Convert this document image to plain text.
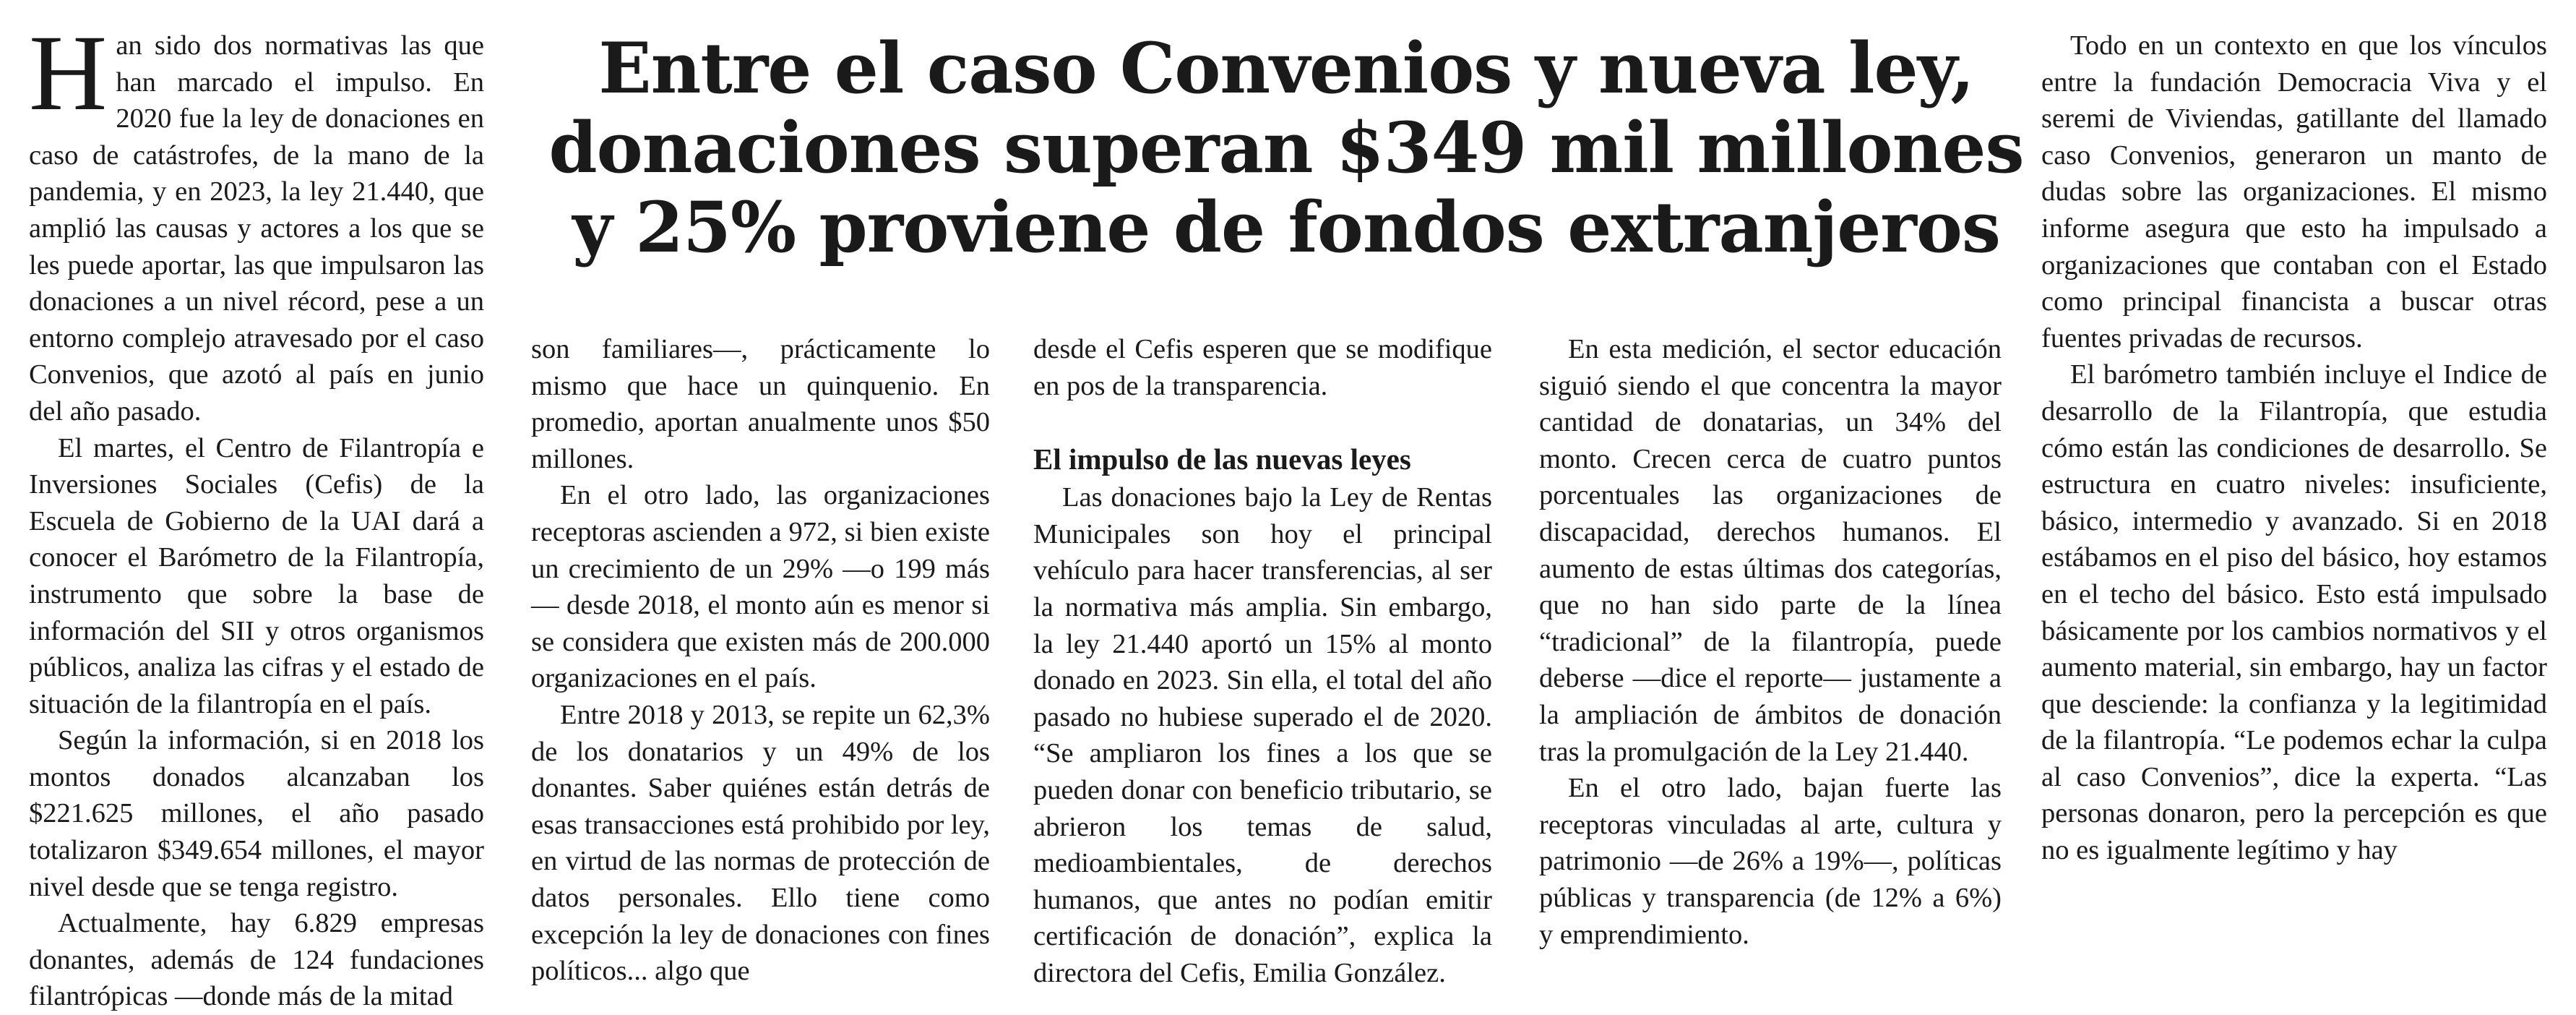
Entre el caso Convenios y nueva ley,
donaciones superan $349 mil millones
y 25% proviene de fondos extranjeros

Han sido dos normativas las que han marcado el impulso. En 2020 fue la ley de donaciones en caso de catástrofes, de la mano de la pandemia, y en 2023, la ley 21.440, que amplió las causas y actores a los que se les puede aportar, las que impulsaron las donaciones a un nivel récord, pese a un entorno complejo atravesado por el caso Convenios, que azotó al país en junio del año pasado.

El martes, el Centro de Filantropía e Inversiones Sociales (Cefis) de la Escuela de Gobierno de la UAI dará a conocer el Barómetro de la Filantropía, instrumento que sobre la base de información del SII y otros organismos públicos, analiza las cifras y el estado de situación de la filantropía en el país.

Según la información, si en 2018 los montos donados alcanzaban los $221.625 millones, el año pasado totalizaron $349.654 millones, el mayor nivel desde que se tenga registro.

Actualmente, hay 6.829 empresas donantes, además de 124 fundaciones filantrópicas —donde más de la mitad

son familiares—, prácticamente lo mismo que hace un quinquenio. En promedio, aportan anualmente unos $50 millones.

En el otro lado, las organizaciones receptoras ascienden a 972, si bien existe un crecimiento de un 29% —o 199 más— desde 2018, el monto aún es menor si se considera que existen más de 200.000 organizaciones en el país.

Entre 2018 y 2013, se repite un 62,3% de los donatarios y un 49% de los donantes. Saber quiénes están detrás de esas transacciones está prohibido por ley, en virtud de las normas de protección de datos personales. Ello tiene como excepción la ley de donaciones con fines políticos... algo que

desde el Cefis esperen que se modifique en pos de la transparencia.

El impulso de las nuevas leyes

Las donaciones bajo la Ley de Rentas Municipales son hoy el principal vehículo para hacer transferencias, al ser la normativa más amplia. Sin embargo, la ley 21.440 aportó un 15% al monto donado en 2023. Sin ella, el total del año pasado no hubiese superado el de 2020. “Se ampliaron los fines a los que se pueden donar con beneficio tributario, se abrieron los temas de salud, medioambientales, de derechos humanos, que antes no podían emitir certificación de donación”, explica la directora del Cefis, Emilia González.

En esta medición, el sector educación siguió siendo el que concentra la mayor cantidad de donatarias, un 34% del monto. Crecen cerca de cuatro puntos porcentuales las organizaciones de discapacidad, derechos humanos. El aumento de estas últimas dos categorías, que no han sido parte de la línea “tradicional” de la filantropía, puede deberse —dice el reporte— justamente a la ampliación de ámbitos de donación tras la promulgación de la Ley 21.440.

En el otro lado, bajan fuerte las receptoras vinculadas al arte, cultura y patrimonio —de 26% a 19%—, políticas públicas y transparencia (de 12% a 6%) y emprendimiento.

Todo en un contexto en que los vínculos entre la fundación Democracia Viva y el seremi de Viviendas, gatillante del llamado caso Convenios, generaron un manto de dudas sobre las organizaciones. El mismo informe asegura que esto ha impulsado a organizaciones que contaban con el Estado como principal financista a buscar otras fuentes privadas de recursos.

El barómetro también incluye el Indice de desarrollo de la Filantropía, que estudia cómo están las condiciones de desarrollo. Se estructura en cuatro niveles: insuficiente, básico, intermedio y avanzado. Si en 2018 estábamos en el piso del básico, hoy estamos en el techo del básico. Esto está impulsado básicamente por los cambios normativos y el aumento material, sin embargo, hay un factor que desciende: la confianza y la legitimidad de la filantropía. “Le podemos echar la culpa al caso Convenios”, dice la experta. “Las personas donaron, pero la percepción es que no es igualmente legítimo y hay
